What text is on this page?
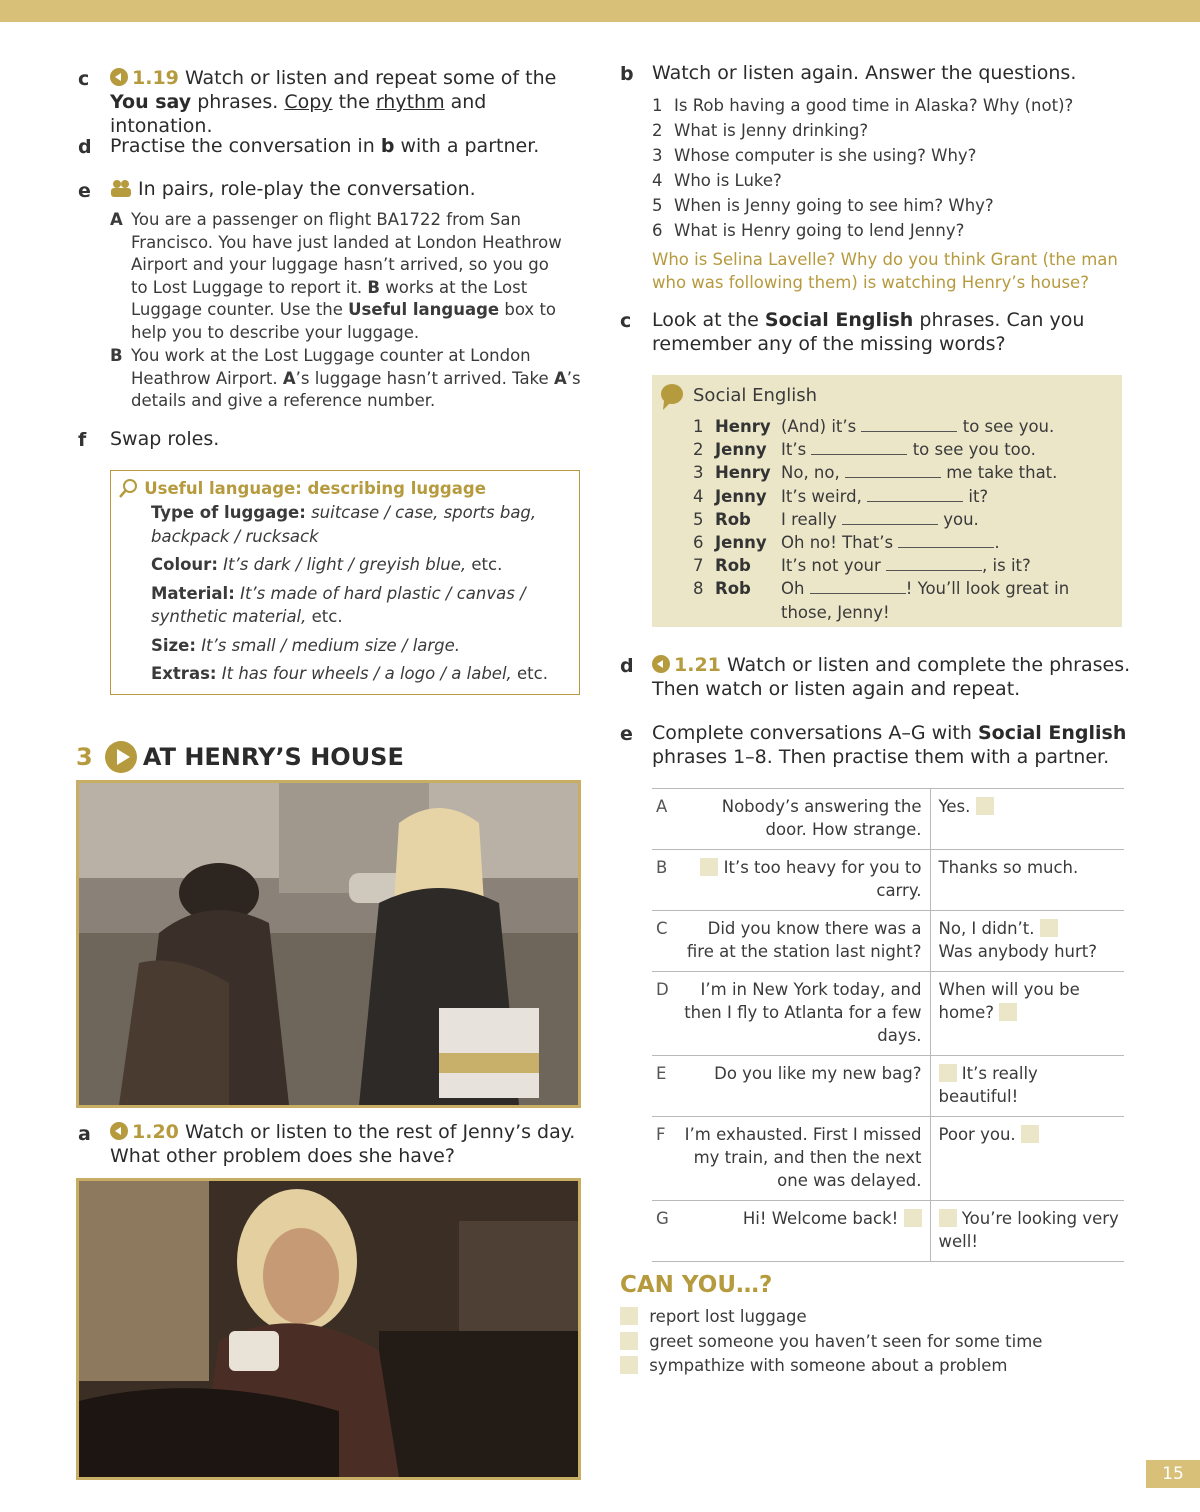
c	1.19 Watch or listen and repeat some of the
You say phrases. Copy the rhythm and intonation.
d Practise the conversation in b with a partner.
e	In pairs, role-play the conversation.
A You are a passenger on flight BA1722 from San
Francisco. You have just landed at London Heathrow
Airport and your luggage hasn’t arrived, so you go
to Lost Luggage to report it. B works at the Lost
Luggage counter. Use the Useful language box to
help you to describe your luggage.
B You work at the Lost Luggage counter at London
Heathrow Airport. A’s luggage hasn’t arrived. Take A’s
details and give a reference number.
f Swap roles.
Useful language: describing luggage
Type of luggage: suitcase / case, sports bag,
backpack / rucksack
Colour: It’s dark / light / greyish blue, etc.
Material: It’s made of hard plastic / canvas /
synthetic material, etc.
Size: It’s small / medium size / large.
Extras: It has four wheels / a logo / a label, etc.
3 AT HENRY’S HOUSE
a	1.20 Watch or listen to the rest of Jenny’s day.
What other problem does she have?
b Watch or listen again. Answer the questions.
1 Is Rob having a good time in Alaska? Why (not)?
2 What is Jenny drinking?
3 Whose computer is she using? Why?
4 Who is Luke?
5 When is Jenny going to see him? Why?
6 What is Henry going to lend Jenny?
Who is Selina Lavelle? Why do you think Grant (the man
who was following them) is watching Henry’s house?
c Look at the Social English phrases. Can you
remember any of the missing words?
Social English
1 Henry (And) it’s	to see you.
2 Jenny It’s	to see you too.
3 Henry No, no,	me take that.
4 Jenny It’s weird,	it?
5 Rob I really	you.
6 Jenny Oh no! That’s	.
7 Rob It’s not your	, is it?
8 Rob Oh	! You’ll look great in
those, Jenny!
d	1.21 Watch or listen and complete the phrases.
Then watch or listen again and repeat.
e Complete conversations A–G with Social English
phrases 1–8. Then practise them with a partner.
A	Nobody’s answering the door. How strange.	Yes.
B	It’s too heavy for you to carry.	Thanks so much.
C	Did you know there was a fire at the station last night?	No, I didn’t.
Was anybody hurt?
D	I’m in New York today, and then I fly to Atlanta for a few days.	When will you be home?
E	Do you like my new bag?	It’s really beautiful!
F	I’m exhausted. First I missed my train, and then the next one was delayed.	Poor you.
G	Hi! Welcome back!	You’re looking very well!
CAN YOU…?
report lost luggage
greet someone you haven’t seen for some time
sympathize with someone about a problem
15
